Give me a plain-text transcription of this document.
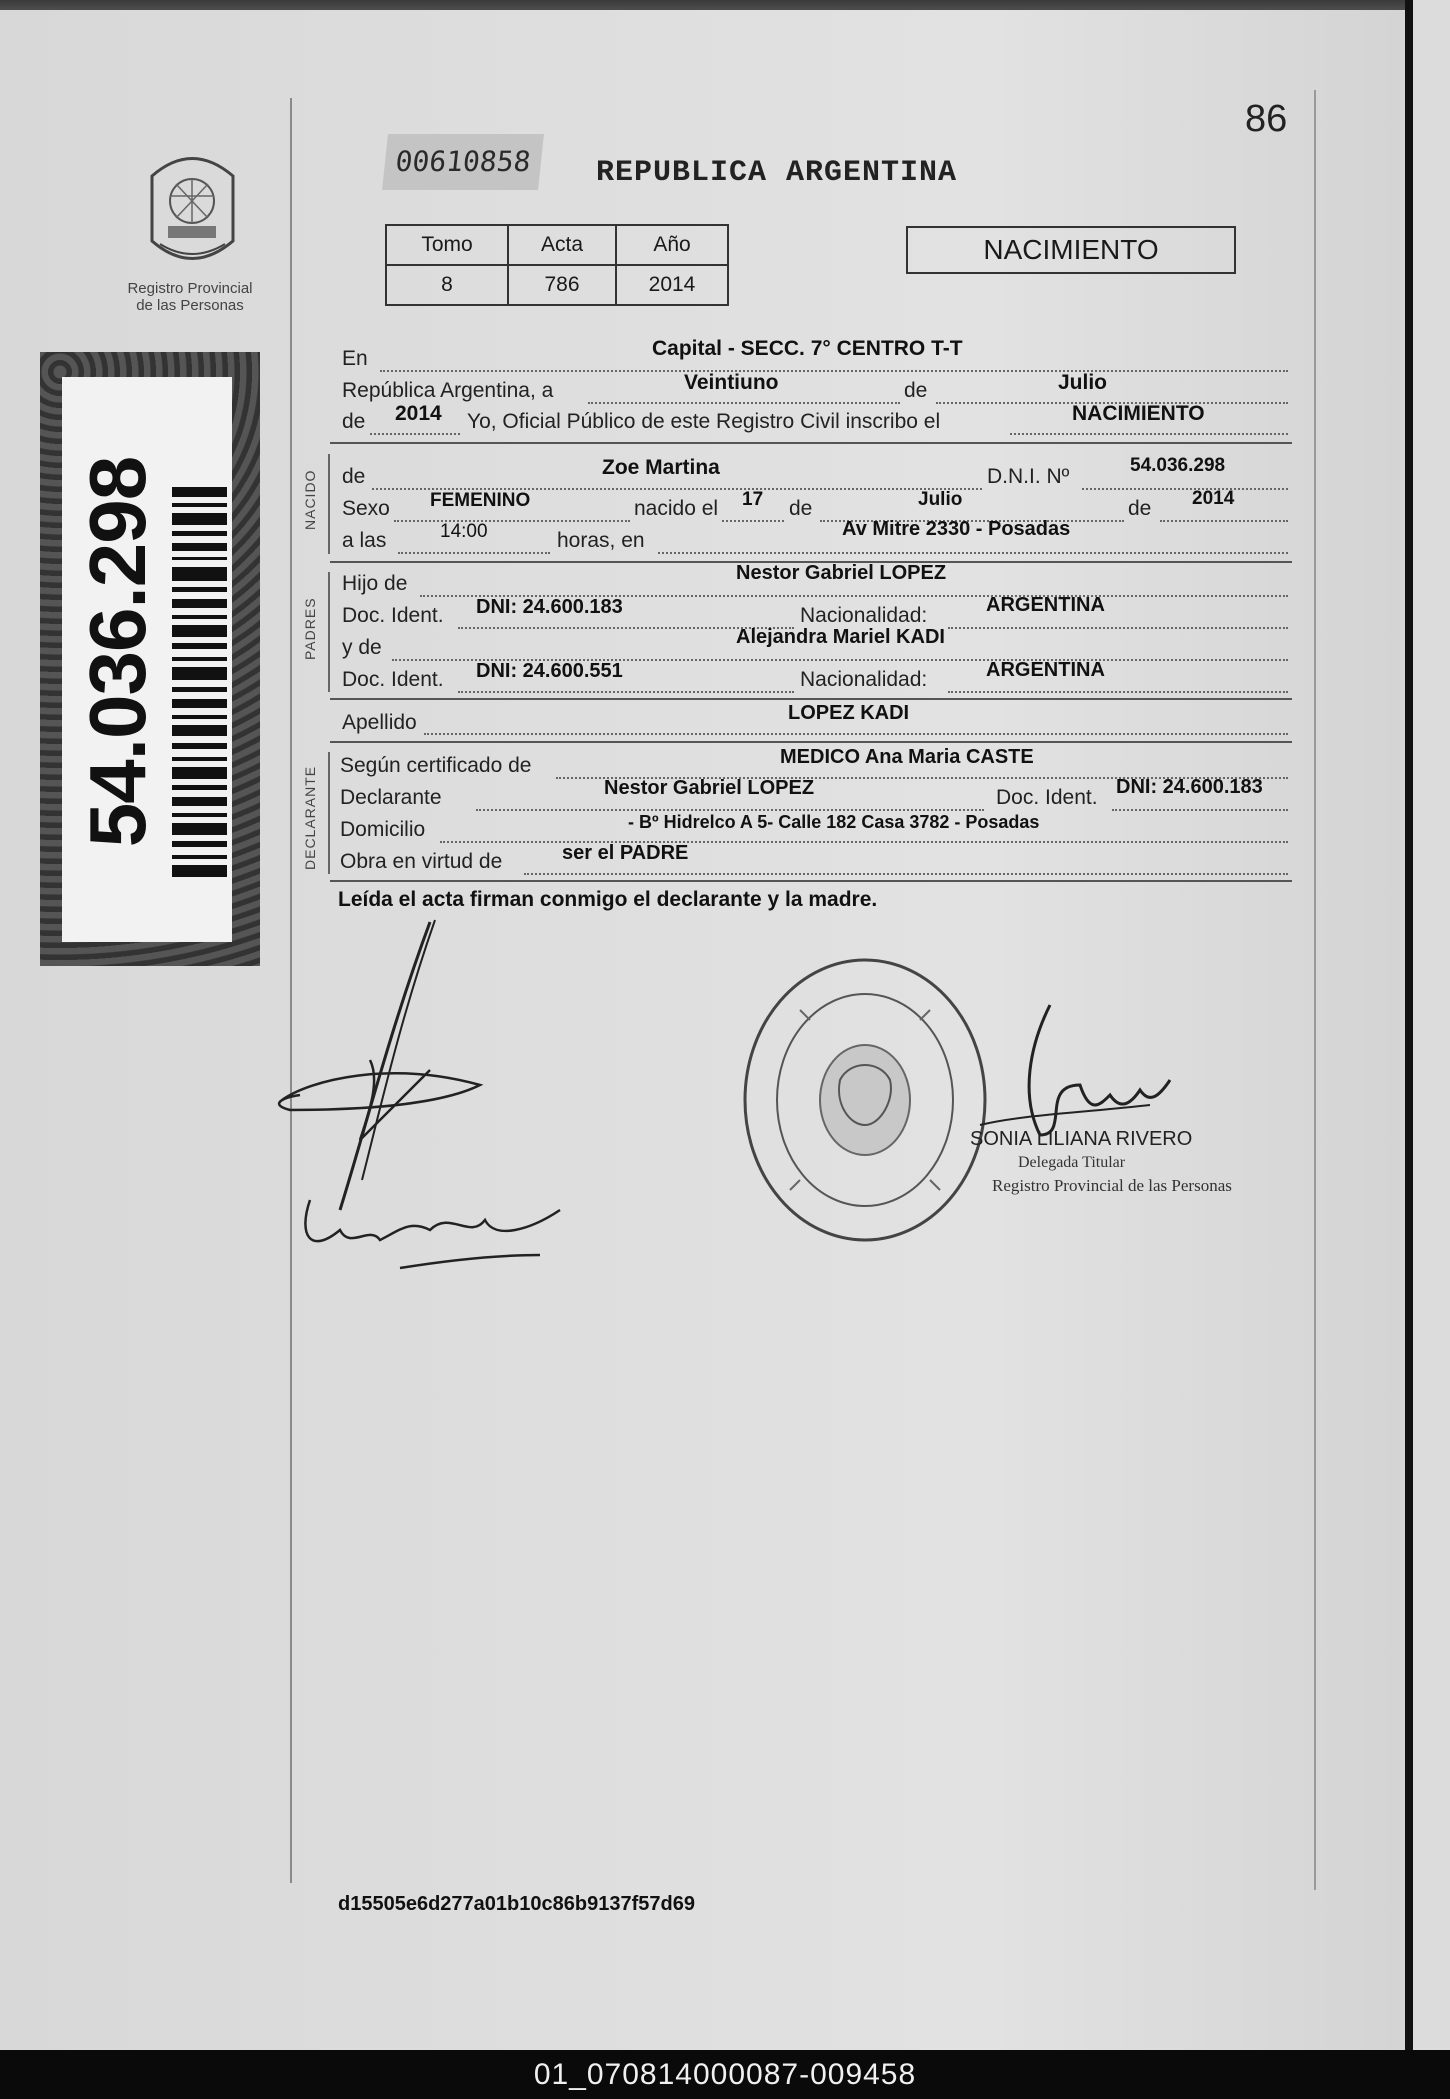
86
Registro Provincial
de las Personas
54.036.298
00610858	REPUBLICA ARGENTINA
Tomo	Acta	Año
8	786	2014
NACIMIENTO
En	Capital - SECC. 7° CENTRO T-T
República Argentina, a	Veintiuno	de	Julio
de 2014 Yo, Oficial Público de este Registro Civil inscribo el	NACIMIENTO
NACIDO de	Zoe Martina	D.N.I. Nº	54.036.298
Sexo FEMENINO	nacido el 17 de	Julio	de 2014
a las	14:00	horas, en	Av Mitre 2330 - Posadas
PADRES
Hijo de	Nestor Gabriel LOPEZ
Doc. Ident. DNI: 24.600.183	Nacionalidad:	ARGENTINA
y de	Alejandra Mariel KADI
Doc. Ident. DNI: 24.600.551	Nacionalidad:	ARGENTINA
Apellido	LOPEZ KADI
DECLARANTE
Según certificado de	MEDICO Ana Maria CASTE
Declarante	Nestor Gabriel LOPEZ	Doc. Ident. DNI: 24.600.183
Domicilio	- Bº Hidrelco A 5- Calle 182 Casa 3782 - Posadas
Obra en virtud de	ser el PADRE
Leída el acta firman conmigo el declarante y la madre.
SONIA LILIANA RIVERO
Delegada Titular
Registro Provincial de las Personas
d15505e6d277a01b10c86b9137f57d69
01_070814000087-009458
